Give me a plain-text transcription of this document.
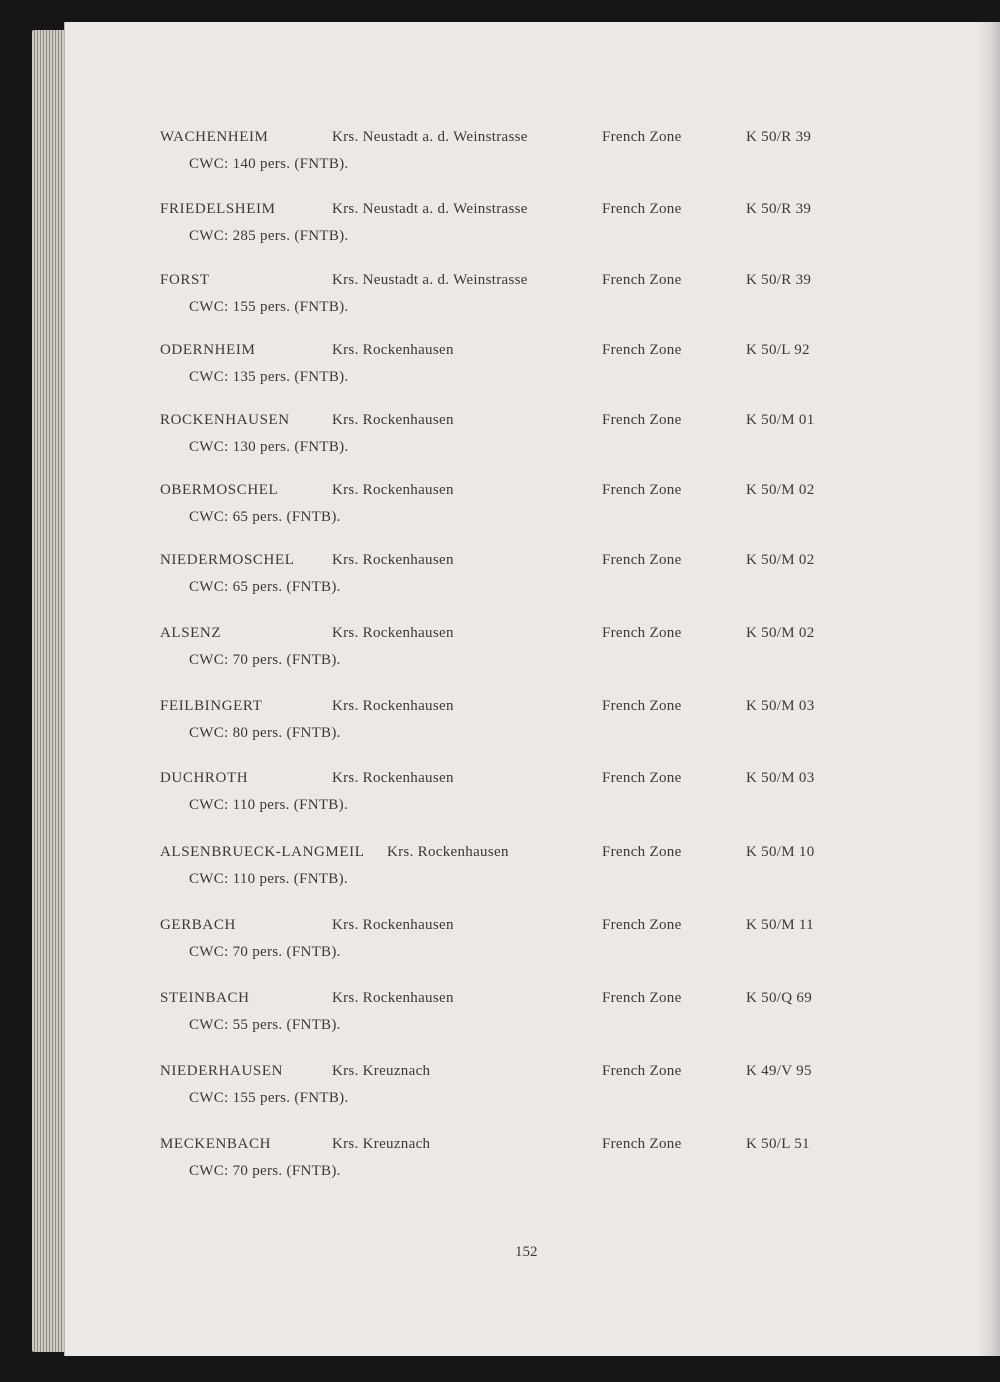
WACHENHEIM	Krs. Neustadt a. d. Weinstrasse	French Zone	K 50/R 39
CWC: 140 pers. (FNTB).
FRIEDELSHEIM	Krs. Neustadt a. d. Weinstrasse	French Zone	K 50/R 39
CWC: 285 pers. (FNTB).
FORST	Krs. Neustadt a. d. Weinstrasse	French Zone	K 50/R 39
CWC: 155 pers. (FNTB).
ODERNHEIM	Krs. Rockenhausen	French Zone	K 50/L 92
CWC: 135 pers. (FNTB).
ROCKENHAUSEN	Krs. Rockenhausen	French Zone	K 50/M 01
CWC: 130 pers. (FNTB).
OBERMOSCHEL	Krs. Rockenhausen	French Zone	K 50/M 02
CWC: 65 pers. (FNTB).
NIEDERMOSCHEL	Krs. Rockenhausen	French Zone	K 50/M 02
CWC: 65 pers. (FNTB).
ALSENZ	Krs. Rockenhausen	French Zone	K 50/M 02
CWC: 70 pers. (FNTB).
FEILBINGERT	Krs. Rockenhausen	French Zone	K 50/M 03
CWC: 80 pers. (FNTB).
DUCHROTH	Krs. Rockenhausen	French Zone	K 50/M 03
CWC: 110 pers. (FNTB).
ALSENBRUECK-LANGMEIL Krs. Rockenhausen	French Zone	K 50/M 10
CWC: 110 pers. (FNTB).
GERBACH	Krs. Rockenhausen	French Zone	K 50/M 11
CWC: 70 pers. (FNTB).
STEINBACH	Krs. Rockenhausen	French Zone	K 50/Q 69
CWC: 55 pers. (FNTB).
NIEDERHAUSEN	Krs. Kreuznach	French Zone	K 49/V 95
CWC: 155 pers. (FNTB).
MECKENBACH	Krs. Kreuznach	French Zone	K 50/L 51
CWC: 70 pers. (FNTB).
152
